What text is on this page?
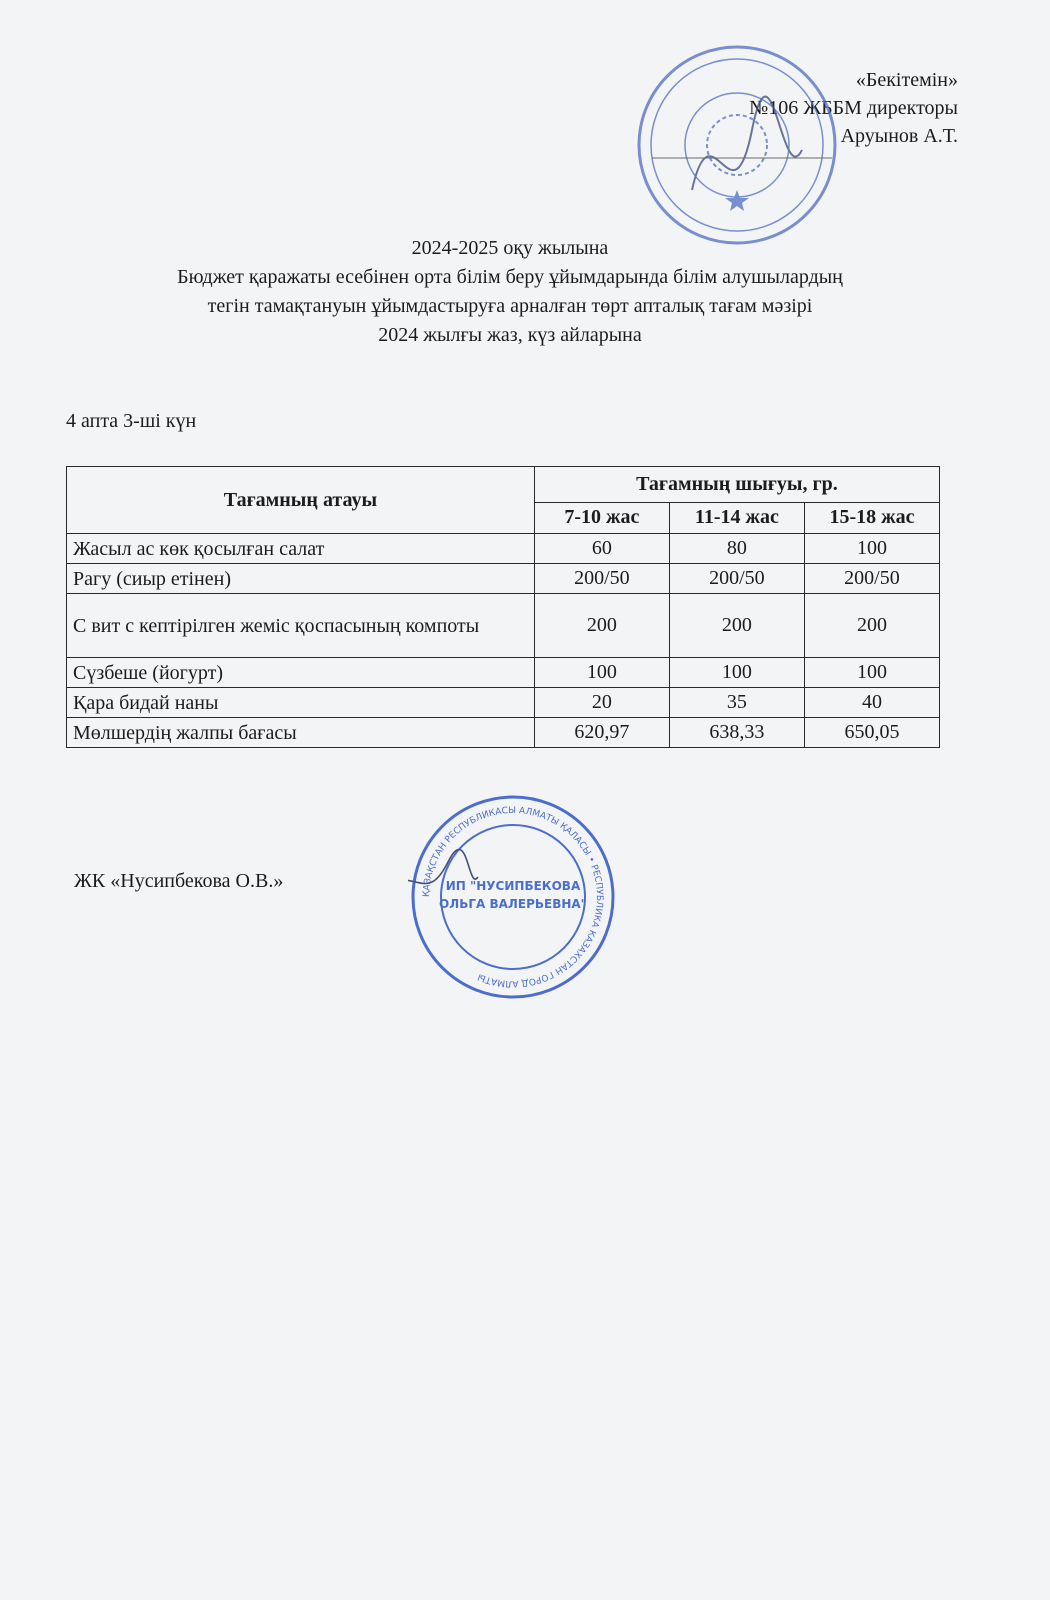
«Бекітемін»
№106 ЖББМ директоры
Аруынов А.Т.
2024-2025 оқу жылына
Бюджет қаражаты есебінен орта білім беру ұйымдарында білім алушылардың
тегін тамақтануын ұйымдастыруға арналған төрт апталық тағам мәзірі
2024 жылғы жаз, күз айларына
4 апта 3-ші күн
Тағамның атауы	Тағамның шығуы, гр.		
	7-10 жас	11-14 жас	15-18 жас
Жасыл ас көк қосылған салат	60	80	100
Рагу (сиыр етінен)	200/50	200/50	200/50
С вит с кептірілген жеміс қоспасының компоты	200	200	200
Сүзбеше (йогурт)	100	100	100
Қара бидай наны	20	35	40
Мөлшердің жалпы бағасы	620,97	638,33	650,05
ЖК «Нусипбекова О.В.»
ҚАЗАҚСТАН РЕСПУБЛИКАСЫ АЛМАТЫ ҚАЛАСЫ • РЕСПУБЛИКА КАЗАХСТАН ГОРОД АЛМАТЫ
ИП "НУСИПБЕКОВА
ОЛЬГА ВАЛЕРЬЕВНА"
